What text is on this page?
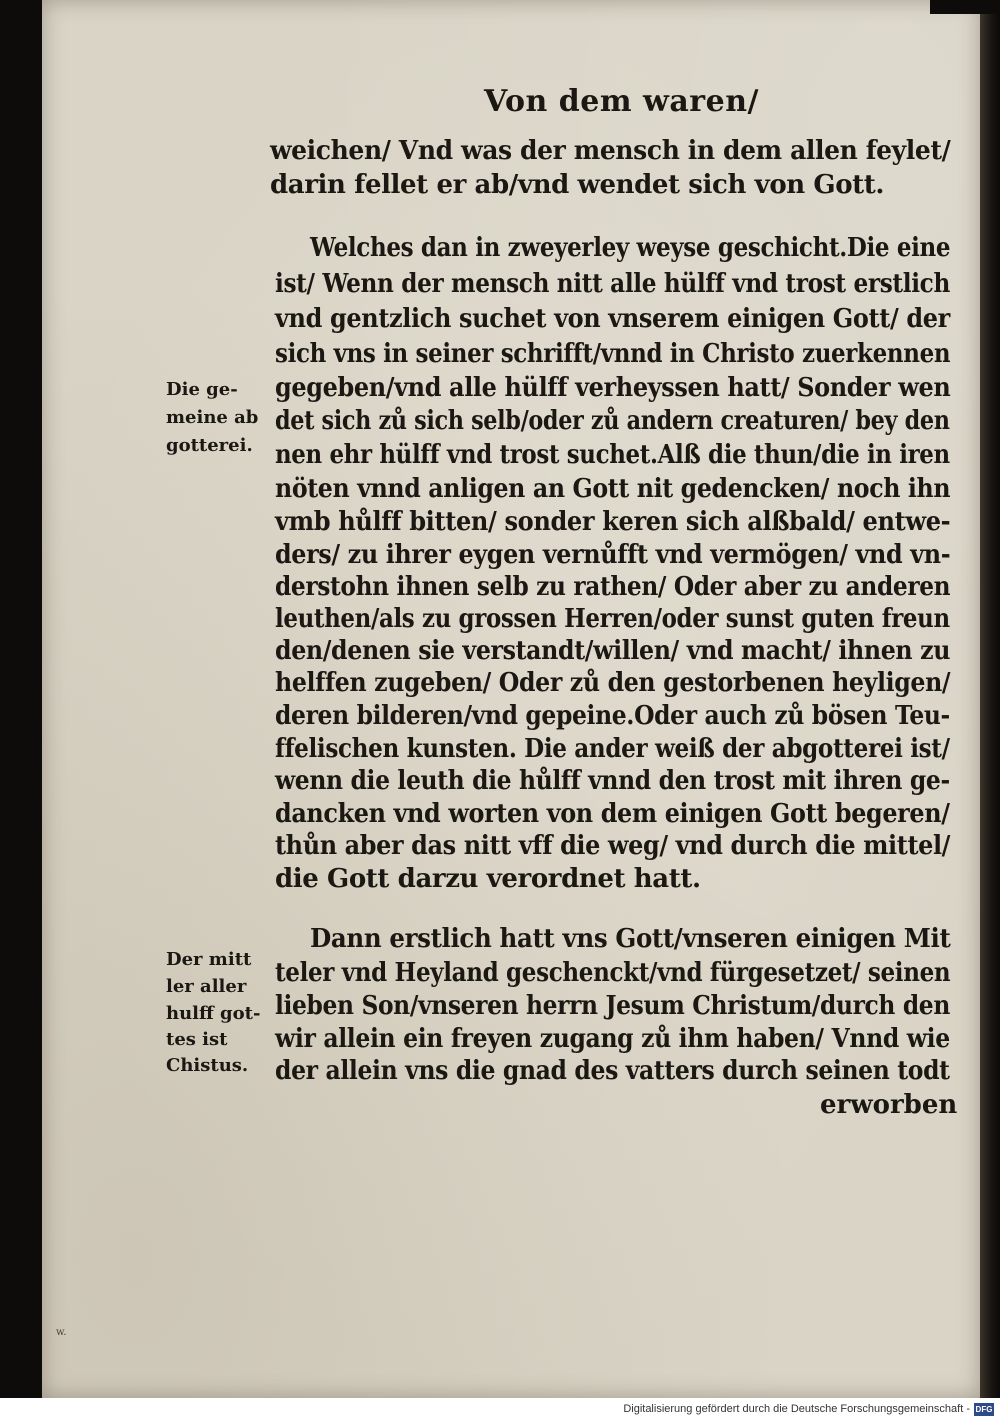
Von dem waren/
weichen/ Vnd was der mensch in dem allen feylet/
darin fellet er ab/vnd wendet sich von Gott.
Welches dan in zweyerley weyse geschicht.Die eine
ist/ Wenn der mensch nitt alle hülff vnd trost erstlich
vnd gentzlich suchet von vnserem einigen Gott/ der
sich vns in seiner schrifft/vnnd in Christo zuerkennen
gegeben/vnd alle hülff verheyssen hatt/ Sonder wen
det sich zů sich selb/oder zů andern creaturen/ bey den
nen ehr hülff vnd trost suchet.Alß die thun/die in iren
nöten vnnd anligen an Gott nit gedencken/ noch ihn
vmb hůlff bitten/ sonder keren sich alßbald/ entwe-
ders/ zu ihrer eygen vernůfft vnd vermögen/ vnd vn-
derstohn ihnen selb zu rathen/ Oder aber zu anderen
leuthen/als zu grossen Herren/oder sunst guten freun
den/denen sie verstandt/willen/ vnd macht/ ihnen zu
helffen zugeben/ Oder zů den gestorbenen heyligen/
deren bilderen/vnd gepeine.Oder auch zů bösen Teu-
ffelischen kunsten. Die ander weiß der abgotterei ist/
wenn die leuth die hůlff vnnd den trost mit ihren ge-
dancken vnd worten von dem einigen Gott begeren/
thůn aber das nitt vff die weg/ vnd durch die mittel/
die Gott darzu verordnet hatt.
Dann erstlich hatt vns Gott/vnseren einigen Mit
teler vnd Heyland geschenckt/vnd fürgesetzet/ seinen
lieben Son/vnseren herrn Jesum Christum/durch den
wir allein ein freyen zugang zů ihm haben/ Vnnd wie
der allein vns die gnad des vatters durch seinen todt
erworben
Die ge-
meine ab
gotterei.
Der mitt
ler aller
hulff got-
tes ist
Chistus.
w.
Digitalisierung gefördert durch die Deutsche Forschungsgemeinschaft - DFG
